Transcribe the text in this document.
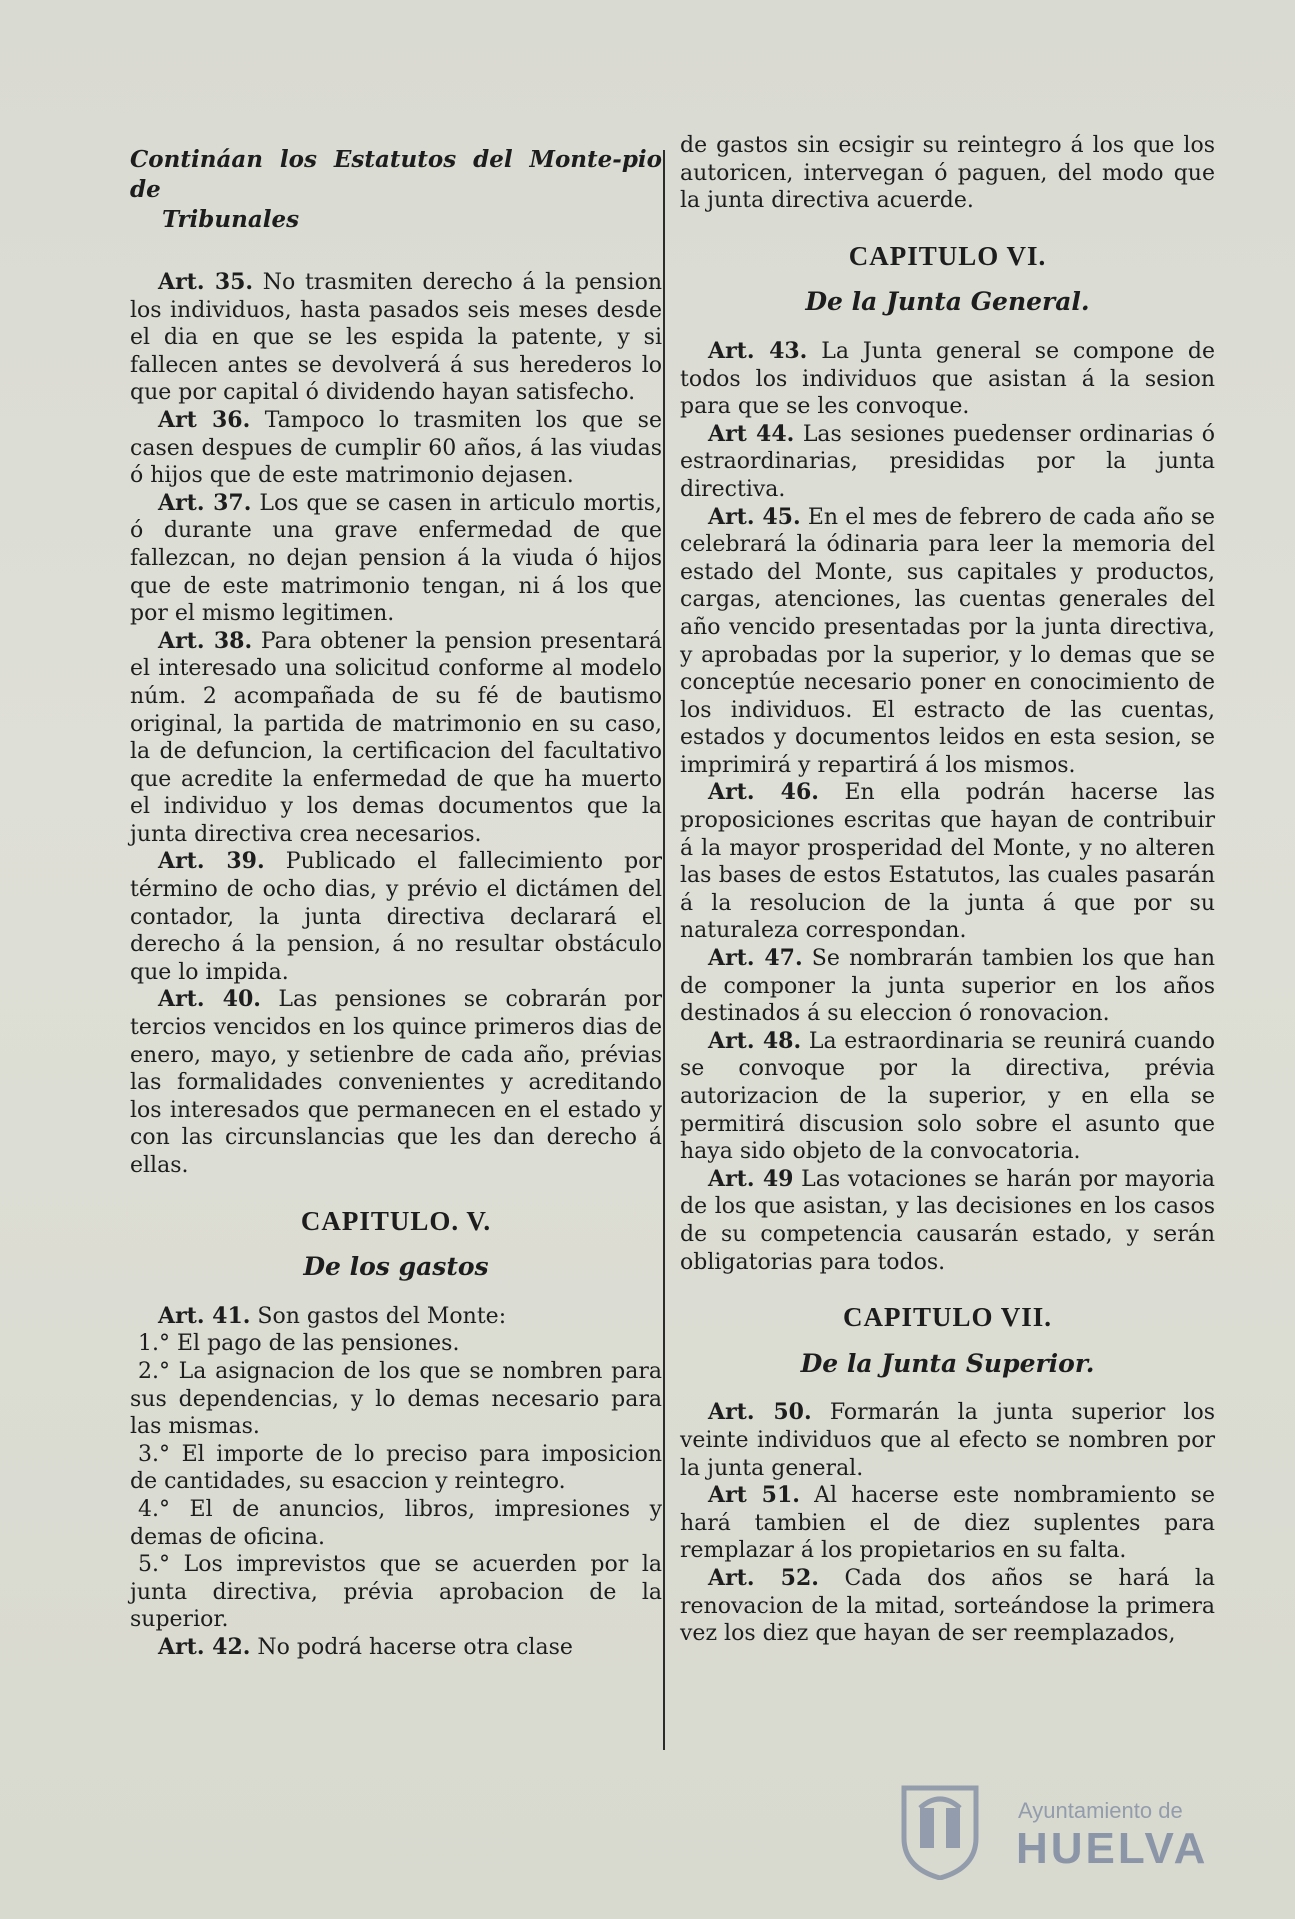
Contináan los Estatutos del Monte-pio de
Tribunales

Art. 35. No trasmiten derecho á la pension los individuos, hasta pasados seis meses desde el dia en que se les espida la patente, y si fallecen antes se devolverá á sus herederos lo que por capital ó dividendo hayan satisfecho.

Art 36. Tampoco lo trasmiten los que se casen despues de cumplir 60 años, á las viudas ó hijos que de este matrimonio dejasen.

Art. 37. Los que se casen in articulo mortis, ó durante una grave enfermedad de que fallezcan, no dejan pension á la viuda ó hijos que de este matrimonio tengan, ni á los que por el mismo legitimen.

Art. 38. Para obtener la pension presentará el interesado una solicitud conforme al modelo núm. 2 acompañada de su fé de bautismo original, la partida de matrimonio en su caso, la de defuncion, la certificacion del facultativo que acredite la enfermedad de que ha muerto el individuo y los demas documentos que la junta directiva crea necesarios.

Art. 39. Publicado el fallecimiento por término de ocho dias, y prévio el dictámen del contador, la junta directiva declarará el derecho á la pension, á no resultar obstáculo que lo impida.

Art. 40. Las pensiones se cobrarán por tercios vencidos en los quince primeros dias de enero, mayo, y setienbre de cada año, prévias las formalidades convenientes y acreditando los interesados que permanecen en el estado y con las circunslancias que les dan derecho á ellas.

CAPITULO. V.
De los gastos

Art. 41. Son gastos del Monte:

1.° El pago de las pensiones.

2.° La asignacion de los que se nombren para sus dependencias, y lo demas necesario para las mismas.

3.° El importe de lo preciso para imposicion de cantidades, su esaccion y reintegro.

4.° El de anuncios, libros, impresiones y demas de oficina.

5.° Los imprevistos que se acuerden por la junta directiva, prévia aprobacion de la superior.

Art. 42. No podrá hacerse otra clase

de gastos sin ecsigir su reintegro á los que los autoricen, intervegan ó paguen, del modo que la junta directiva acuerde.

CAPITULO VI.
De la Junta General.

Art. 43. La Junta general se compone de todos los individuos que asistan á la sesion para que se les convoque.

Art 44. Las sesiones puedenser ordinarias ó estraordinarias, presididas por la junta directiva.

Art. 45. En el mes de febrero de cada año se celebrará la ódinaria para leer la memoria del estado del Monte, sus capitales y productos, cargas, atenciones, las cuentas generales del año vencido presentadas por la junta directiva, y aprobadas por la superior, y lo demas que se conceptúe necesario poner en conocimiento de los individuos. El estracto de las cuentas, estados y documentos leidos en esta sesion, se imprimirá y repartirá á los mismos.

Art. 46. En ella podrán hacerse las proposiciones escritas que hayan de contribuir á la mayor prosperidad del Monte, y no alteren las bases de estos Estatutos, las cuales pasarán á la resolucion de la junta á que por su naturaleza correspondan.

Art. 47. Se nombrarán tambien los que han de componer la junta superior en los años destinados á su eleccion ó ronovacion.

Art. 48. La estraordinaria se reunirá cuando se convoque por la directiva, prévia autorizacion de la superior, y en ella se permitirá discusion solo sobre el asunto que haya sido objeto de la convocatoria.

Art. 49 Las votaciones se harán por mayoria de los que asistan, y las decisiones en los casos de su competencia causarán estado, y serán obligatorias para todos.

CAPITULO VII.
De la Junta Superior.

Art. 50. Formarán la junta superior los veinte individuos que al efecto se nombren por la junta general.

Art 51. Al hacerse este nombramiento se hará tambien el de diez suplentes para remplazar á los propietarios en su falta.

Art. 52. Cada dos años se hará la renovacion de la mitad, sorteándose la primera vez los diez que hayan de ser reemplazados,

Ayuntamiento de
HUELVA
